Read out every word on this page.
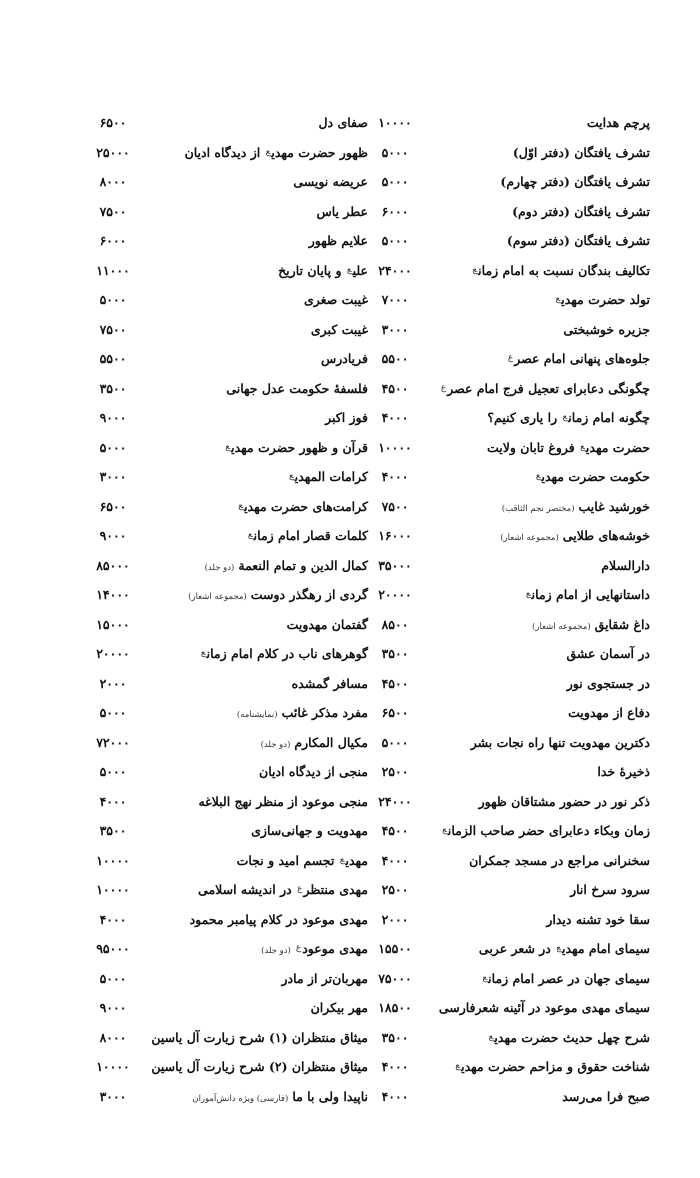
پرچم هدایت
۱۰۰۰۰
تشرف یافتگان (دفتر اوّل)
۵۰۰۰
تشرف یافتگان (دفتر چهارم)
۵۰۰۰
تشرف یافتگان (دفتر دوم)
۶۰۰۰
تشرف یافتگان (دفتر سوم)
۵۰۰۰
تکالیف بندگان نسبت به امام زمان$^ع$
۲۴۰۰۰
تولد حضرت مهدی$^ع$
۷۰۰۰
جزیره خوشبختی
۳۰۰۰
جلوه‌های پنهانی امام عصر$^ع$
۵۵۰۰
چگونگی دعابرای تعجیل فرج امام عصر$^ع$
۴۵۰۰
چگونه امام زمان$^ع$ را یاری کنیم؟
۴۰۰۰
حضرت مهدی$^ع$ فروغ تابان ولایت
۱۰۰۰۰
حکومت حضرت مهدی$^ع$
۴۰۰۰
خورشید غایب(مختصر نجم الثاقب)
۷۵۰۰
خوشه‌های طلایی(مجموعه اشعار)
۱۶۰۰۰
دارالسلام
۳۵۰۰۰
داستانهایی از امام زمان$^ع$
۲۰۰۰۰
داغ شقایق(مجموعه اشعار)
۸۵۰۰
در آسمان عشق
۳۵۰۰
در جستجوی نور
۴۵۰۰
دفاع از مهدویت
۶۵۰۰
دکترین مهدویت تنها راه نجات بشر
۵۰۰۰
ذخیرهٔ خدا
۲۵۰۰
ذکر نور در حضور مشتاقان ظهور
۲۴۰۰۰
زمان وبکاء دعابرای حضر صاحب الزمان$^ع$
۴۵۰۰
سخنرانی مراجع در مسجد جمکران
۴۰۰۰
سرود سرخ انار
۲۵۰۰
سقا خود تشنه دیدار
۲۰۰۰
سیمای امام مهدی$^ع$ در شعر عربی
۱۵۵۰۰
سیمای جهان در عصر امام زمان$^ع$
۷۵۰۰۰
سیمای مهدی موعود در آئینه شعرفارسی
۱۸۵۰۰
شرح چهل حدیث حضرت مهدی$^ع$
۳۵۰۰
شناخت حقوق و مزاحم حضرت مهدی$^ع$
۴۰۰۰
صبح فرا می‌رسد
۴۰۰۰
صفای دل
۶۵۰۰
ظهور حضرت مهدی$^ع$ از دیدگاه ادیان
۲۵۰۰۰
عریضه نویسی
۸۰۰۰
عطر یاس
۷۵۰۰
علایم ظهور
۶۰۰۰
علی$^ع$ و پایان تاریخ
۱۱۰۰۰
غیبت صغری
۵۰۰۰
غیبت کبری
۷۵۰۰
فریادرس
۵۵۰۰
فلسفهٔ حکومت عدل جهانی
۳۵۰۰
فوز اکبر
۹۰۰۰
قرآن و ظهور حضرت مهدی$^ع$
۵۰۰۰
کرامات المهدی$^ع$
۳۰۰۰
کرامت‌های حضرت مهدی$^ع$
۶۵۰۰
کلمات قصار امام زمان$^ع$
۹۰۰۰
کمال الدین و تمام النعمة(دو جلد)
۸۵۰۰۰
گردی از رهگذر دوست(مجموعه اشعار)
۱۴۰۰۰
گفتمان مهدویت
۱۵۰۰۰
گوهرهای ناب در کلام امام زمان$^ع$
۲۰۰۰۰
مسافر گمشده
۲۰۰۰
مفرد مذکر غائب(نمایشنامه)
۵۰۰۰
مکیال المکارم(دو جلد)
۷۲۰۰۰
منجی از دیدگاه ادیان
۵۰۰۰
منجی موعود از منظر نهج البلاغه
۴۰۰۰
مهدویت و جهانی‌سازی
۳۵۰۰
مهدی$^ع$ تجسم امید و نجات
۱۰۰۰۰
مهدی منتظر$^ع$ در اندیشه اسلامی
۱۰۰۰۰
مهدی موعود در کلام پیامبر محمود
۴۰۰۰
مهدی موعود$^ع$(دو جلد)
۹۵۰۰۰
مهربان‌تر از مادر
۵۰۰۰
مهر بیکران
۹۰۰۰
میثاق منتظران (۱) شرح زیارت آل یاسین
۸۰۰۰
میثاق منتظران (۲) شرح زیارت آل یاسین
۱۰۰۰۰
ناپیدا ولی با ما(فارسی) ویژه دانش‌آموزان
۳۰۰۰
